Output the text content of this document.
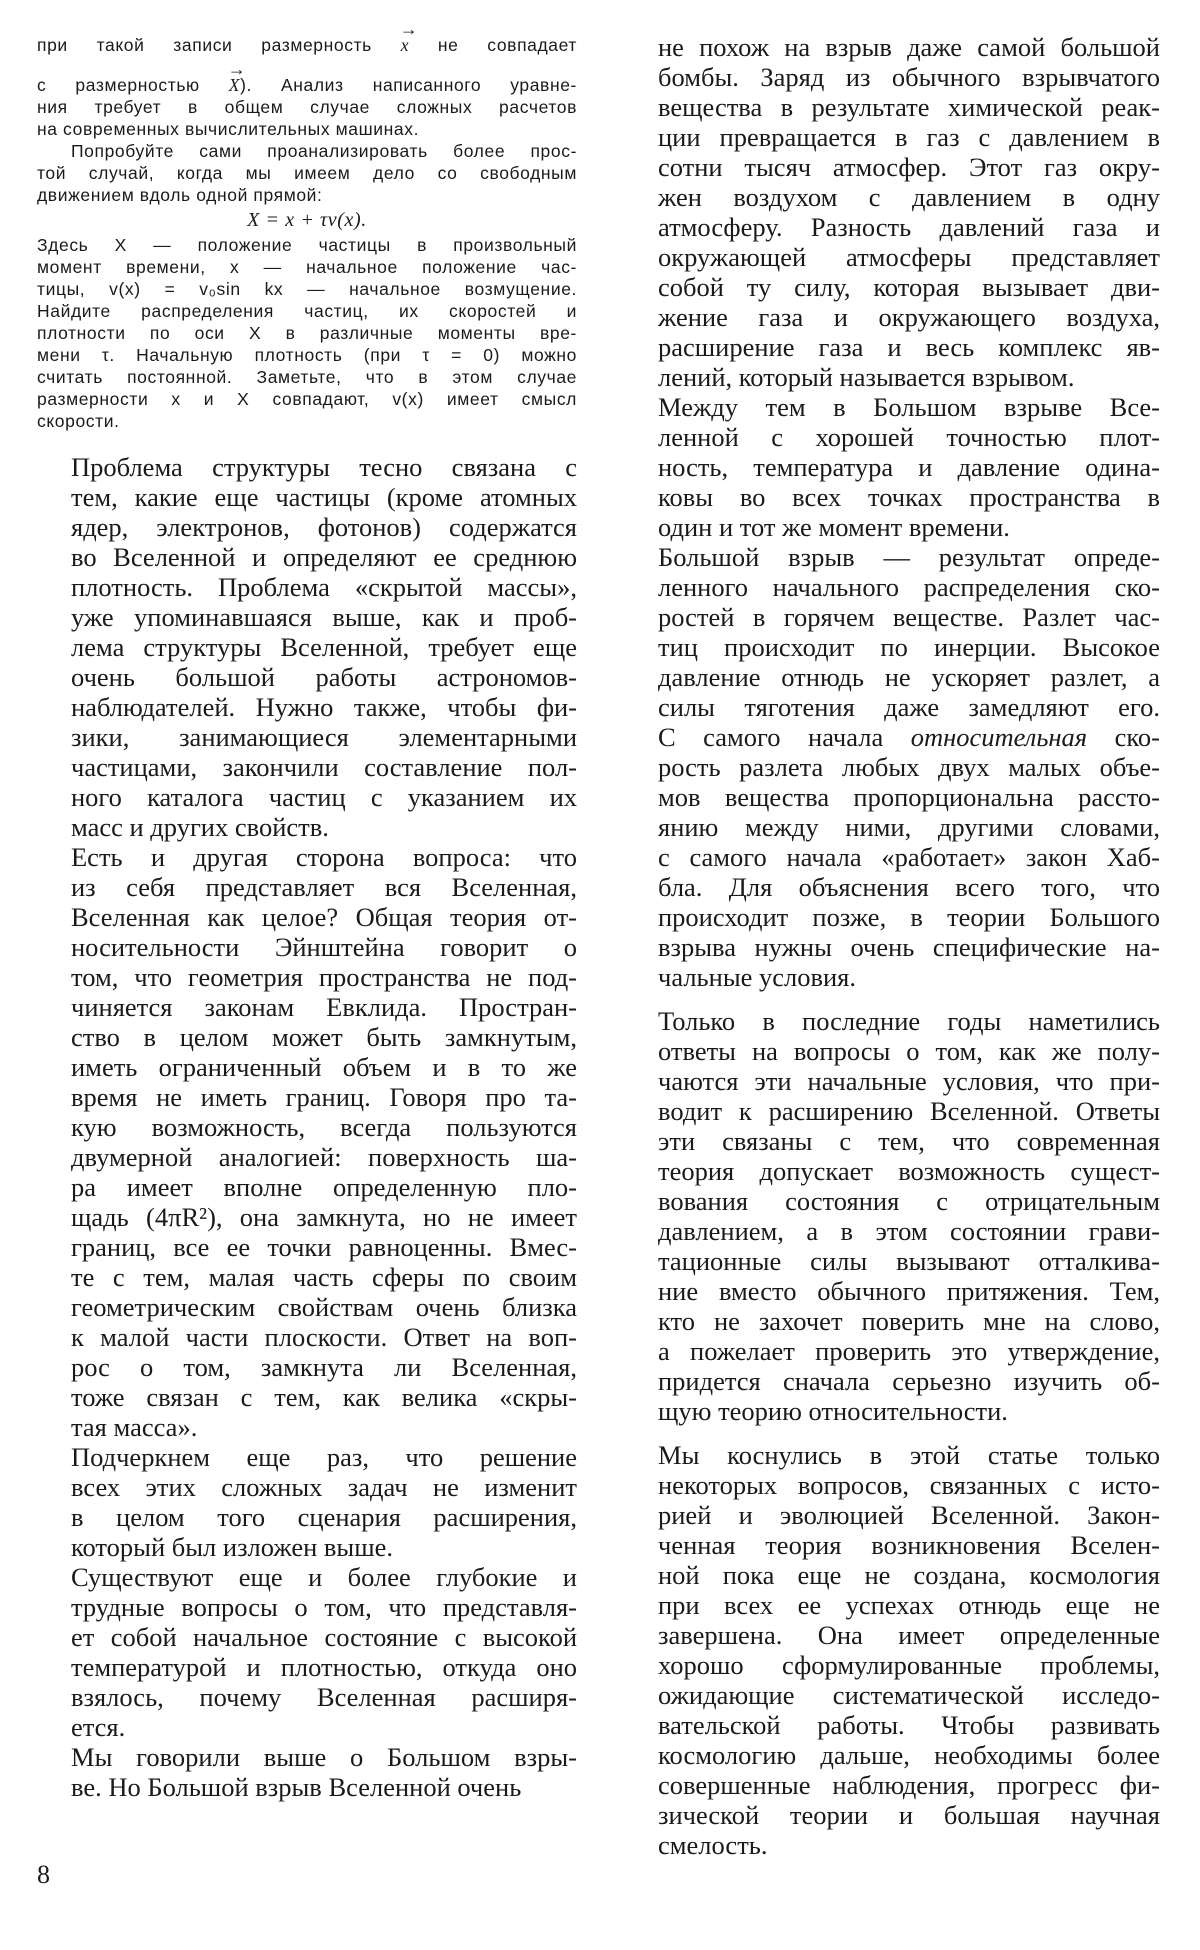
при такой записи размерность → x не совпадает
с размерностью → X). Анализ написанного уравне-
ния требует в общем случае сложных расчетов
на современных вычислительных машинах.

Попробуйте сами проанализировать более прос-
той случай, когда мы имеем дело со свободным
движением вдоль одной прямой:

X = x + τv(x).

Здесь X — положение частицы в произвольный
момент времени, x — начальное положение час-
тицы, v(x) = v₀sin kx — начальное возмущение.
Найдите распределения частиц, их скоростей и
плотности по оси X в различные моменты вре-
мени τ. Начальную плотность (при τ = 0) можно
считать постоянной. Заметьте, что в этом случае
размерности x и X совпадают, v(x) имеет смысл
скорости.

Проблема структуры тесно связана с
тем, какие еще частицы (кроме атомных
ядер, электронов, фотонов) содержатся
во Вселенной и определяют ее среднюю
плотность. Проблема «скрытой массы»,
уже упоминавшаяся выше, как и проб-
лема структуры Вселенной, требует еще
очень большой работы астрономов-
наблюдателей. Нужно также, чтобы фи-
зики, занимающиеся элементарными
частицами, закончили составление пол-
ного каталога частиц с указанием их
масс и других свойств.

Есть и другая сторона вопроса: что
из себя представляет вся Вселенная,
Вселенная как целое? Общая теория от-
носительности Эйнштейна говорит о
том, что геометрия пространства не под-
чиняется законам Евклида. Простран-
ство в целом может быть замкнутым,
иметь ограниченный объем и в то же
время не иметь границ. Говоря про та-
кую возможность, всегда пользуются
двумерной аналогией: поверхность ша-
ра имеет вполне определенную пло-
щадь (4πR²), она замкнута, но не имеет
границ, все ее точки равноценны. Вмес-
те с тем, малая часть сферы по своим
геометрическим свойствам очень близка
к малой части плоскости. Ответ на воп-
рос о том, замкнута ли Вселенная,
тоже связан с тем, как велика «скры-
тая масса».

Подчеркнем еще раз, что решение
всех этих сложных задач не изменит
в целом того сценария расширения,
который был изложен выше.

Существуют еще и более глубокие и
трудные вопросы о том, что представля-
ет собой начальное состояние с высокой
температурой и плотностью, откуда оно
взялось, почему Вселенная расширя-
ется.

Мы говорили выше о Большом взры-
ве. Но Большой взрыв Вселенной очень

не похож на взрыв даже самой большой
бомбы. Заряд из обычного взрывчатого
вещества в результате химической реак-
ции превращается в газ с давлением в
сотни тысяч атмосфер. Этот газ окру-
жен воздухом с давлением в одну
атмосферу. Разность давлений газа и
окружающей атмосферы представляет
собой ту силу, которая вызывает дви-
жение газа и окружающего воздуха,
расширение газа и весь комплекс яв-
лений, который называется взрывом.

Между тем в Большом взрыве Все-
ленной с хорошей точностью плот-
ность, температура и давление одина-
ковы во всех точках пространства в
один и тот же момент времени.

Большой взрыв — результат опреде-
ленного начального распределения ско-
ростей в горячем веществе. Разлет час-
тиц происходит по инерции. Высокое
давление отнюдь не ускоряет разлет, а
силы тяготения даже замедляют его.
С самого начала относительная ско-
рость разлета любых двух малых объе-
мов вещества пропорциональна рассто-
янию между ними, другими словами,
с самого начала «работает» закон Хаб-
бла. Для объяснения всего того, что
происходит позже, в теории Большого
взрыва нужны очень специфические на-
чальные условия.

Только в последние годы наметились
ответы на вопросы о том, как же полу-
чаются эти начальные условия, что при-
водит к расширению Вселенной. Ответы
эти связаны с тем, что современная
теория допускает возможность сущест-
вования состояния с отрицательным
давлением, а в этом состоянии грави-
тационные силы вызывают отталкива-
ние вместо обычного притяжения. Тем,
кто не захочет поверить мне на слово,
а пожелает проверить это утверждение,
придется сначала серьезно изучить об-
щую теорию относительности.

Мы коснулись в этой статье только
некоторых вопросов, связанных с исто-
рией и эволюцией Вселенной. Закон-
ченная теория возникновения Вселен-
ной пока еще не создана, космология
при всех ее успехах отнюдь еще не
завершена. Она имеет определенные
хорошо сформулированные проблемы,
ожидающие систематической исследо-
вательской работы. Чтобы развивать
космологию дальше, необходимы более
совершенные наблюдения, прогресс фи-
зической теории и большая научная
смелость.

8
